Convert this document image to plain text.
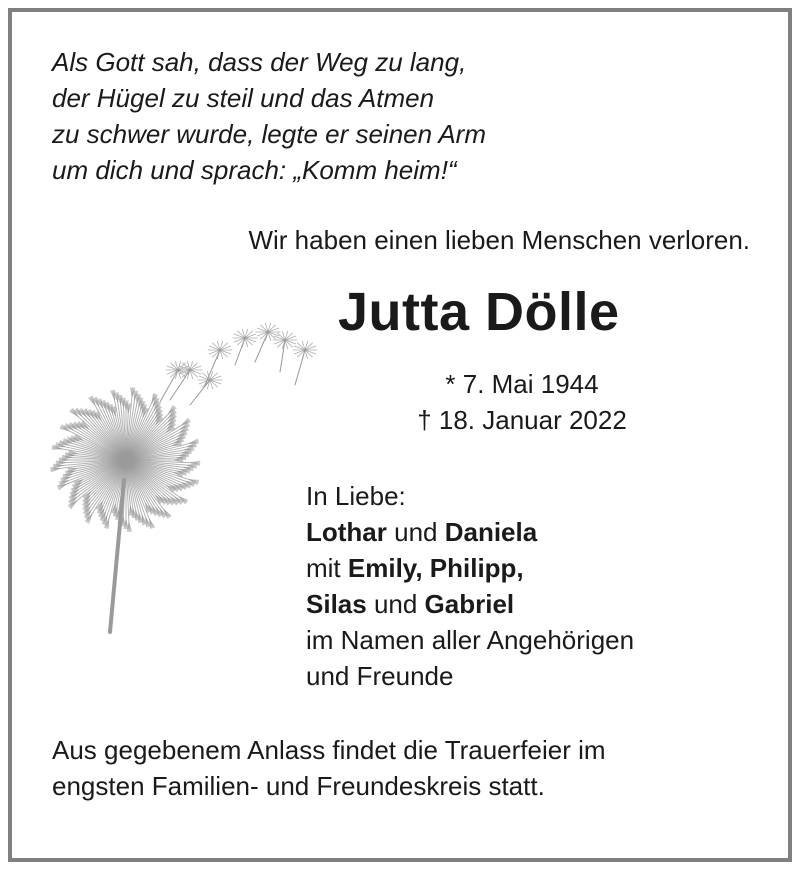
Als Gott sah, dass der Weg zu lang,
der Hügel zu steil und das Atmen
zu schwer wurde, legte er seinen Arm
um dich und sprach: „Komm heim!“
Wir haben einen lieben Menschen verloren.
Jutta Dölle
* 7. Mai 1944
† 18. Januar 2022
In Liebe:
Lothar und Daniela
mit Emily, Philipp,
Silas und Gabriel
im Namen aller Angehörigen
und Freunde
Aus gegebenem Anlass findet die Trauerfeier im
engsten Familien- und Freundeskreis statt.
